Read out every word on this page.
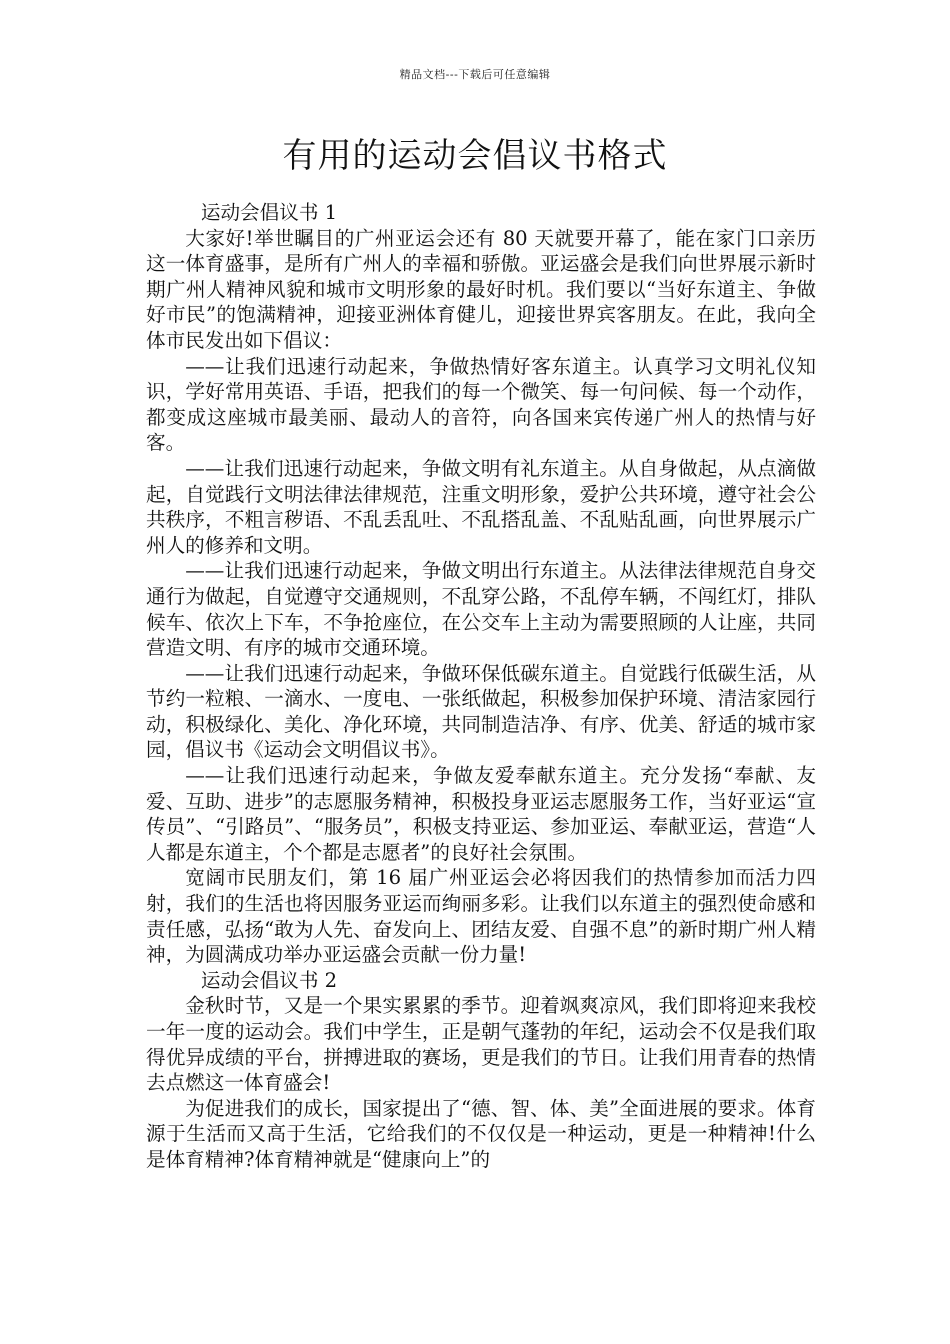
精品文档---下载后可任意编辑
有用的运动会倡议书格式

运动会倡议书 1

大家好!举世瞩目的广州亚运会还有 80 天就要开幕了，能在家门口亲历这一体育盛事，是所有广州人的幸福和骄傲。亚运盛会是我们向世界展示新时期广州人精神风貌和城市文明形象的最好时机。我们要以“当好东道主、争做好市民”的饱满精神，迎接亚洲体育健儿，迎接世界宾客朋友。在此，我向全体市民发出如下倡议：

——让我们迅速行动起来，争做热情好客东道主。认真学习文明礼仪知识，学好常用英语、手语，把我们的每一个微笑、每一句问候、每一个动作，都变成这座城市最美丽、最动人的音符，向各国来宾传递广州人的热情与好客。

——让我们迅速行动起来，争做文明有礼东道主。从自身做起，从点滴做起，自觉践行文明法律法律规范，注重文明形象，爱护公共环境，遵守社会公共秩序，不粗言秽语、不乱丢乱吐、不乱搭乱盖、不乱贴乱画，向世界展示广州人的修养和文明。

——让我们迅速行动起来，争做文明出行东道主。从法律法律规范自身交通行为做起，自觉遵守交通规则，不乱穿公路，不乱停车辆，不闯红灯，排队候车、依次上下车，不争抢座位，在公交车上主动为需要照顾的人让座，共同营造文明、有序的城市交通环境。

——让我们迅速行动起来，争做环保低碳东道主。自觉践行低碳生活，从节约一粒粮、一滴水、一度电、一张纸做起，积极参加保护环境、清洁家园行动，积极绿化、美化、净化环境，共同制造洁净、有序、优美、舒适的城市家园，倡议书《运动会文明倡议书》。

——让我们迅速行动起来，争做友爱奉献东道主。充分发扬“奉献、友爱、互助、进步”的志愿服务精神，积极投身亚运志愿服务工作，当好亚运“宣传员”、“引路员”、“服务员”，积极支持亚运、参加亚运、奉献亚运，营造“人人都是东道主，个个都是志愿者”的良好社会氛围。

宽阔市民朋友们，第 16 届广州亚运会必将因我们的热情参加而活力四射，我们的生活也将因服务亚运而绚丽多彩。让我们以东道主的强烈使命感和责任感，弘扬“敢为人先、奋发向上、团结友爱、自强不息”的新时期广州人精神，为圆满成功举办亚运盛会贡献一份力量!

运动会倡议书 2

金秋时节，又是一个果实累累的季节。迎着飒爽凉风，我们即将迎来我校一年一度的运动会。我们中学生，正是朝气蓬勃的年纪，运动会不仅是我们取得优异成绩的平台，拼搏进取的赛场，更是我们的节日。让我们用青春的热情去点燃这一体育盛会!

为促进我们的成长，国家提出了“德、智、体、美”全面进展的要求。体育源于生活而又高于生活，它给我们的不仅仅是一种运动，更是一种精神!什么是体育精神?体育精神就是“健康向上”的
